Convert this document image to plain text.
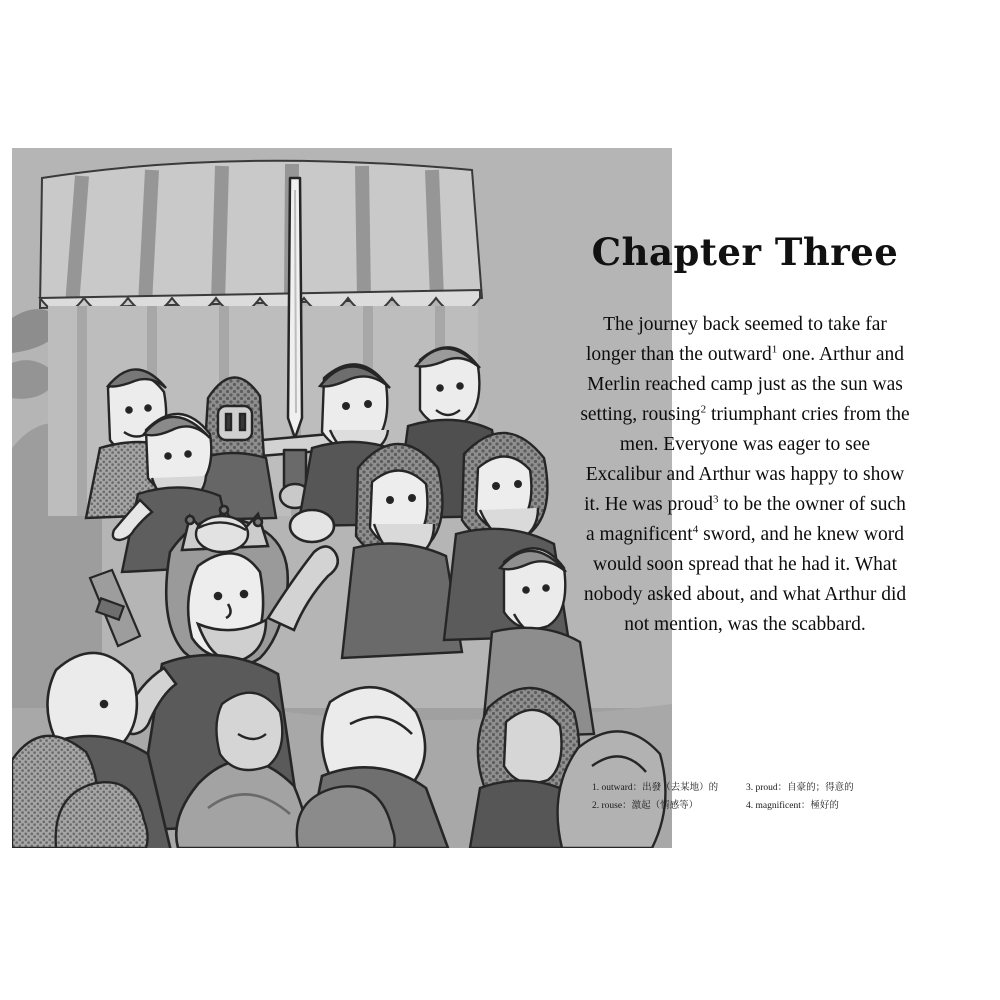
Chapter Three

The journey back seemed to take far longer than the outward$^1$ one. Arthur and Merlin reached camp just as the sun was setting, rousing$^2$ triumphant cries from the men. Everyone was eager to see Excalibur and Arthur was happy to show it. He was proud$^3$ to be the owner of such a magnificent$^4$ sword, and he knew word would soon spread that he had it. What nobody asked about, and what Arthur did not mention, was the scabbard.

1. outward：出發（去某地）的	3. proud：自豪的；得意的
2. rouse：激起（情感等）	4. magnificent：極好的
